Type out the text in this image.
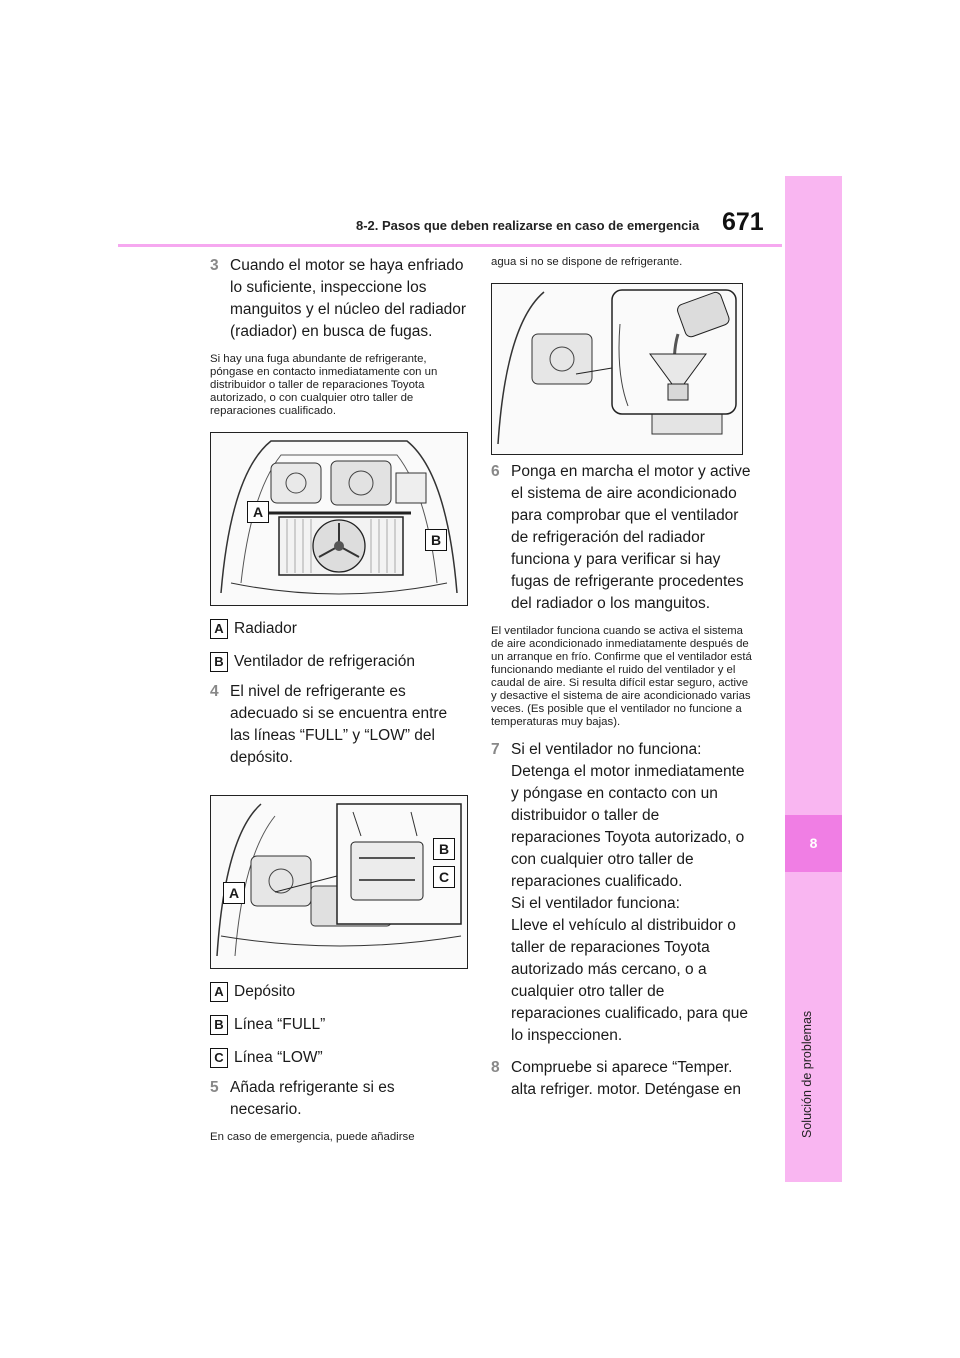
8-2. Pasos que deben realizarse en caso de emergencia 671
8
Solución de problemas
3 Cuando el motor se haya enfriado lo suficiente, inspeccione los manguitos y el núcleo del radiador (radiador) en busca de fugas.
Si hay una fuga abundante de refrigerante, póngase en contacto inmediatamente con un distribuidor o taller de reparaciones Toyota autorizado, o con cualquier otro taller de reparaciones cualificado.
A
B
A Radiador
B Ventilador de refrigeración
4 El nivel de refrigerante es adecuado si se encuentra entre las líneas “FULL” y “LOW” del depósito.
A
B
C
A Depósito
B Línea “FULL”
C Línea “LOW”
5 Añada refrigerante si es necesario.
En caso de emergencia, puede añadirse
agua si no se dispone de refrigerante.
6 Ponga en marcha el motor y active el sistema de aire acondicionado para comprobar que el ventilador de refrigeración del radiador funciona y para verificar si hay fugas de refrigerante procedentes del radiador o los manguitos.
El ventilador funciona cuando se activa el sistema de aire acondicionado inmediatamente después de un arranque en frío. Confirme que el ventilador está funcionando mediante el ruido del ventilador y el caudal de aire. Si resulta difícil estar seguro, active y desactive el sistema de aire acondicionado varias veces. (Es posible que el ventilador no funcione a temperaturas muy bajas).
7 Si el ventilador no funciona:
Detenga el motor inmediatamente y póngase en contacto con un distribuidor o taller de reparaciones Toyota autorizado, o con cualquier otro taller de reparaciones cualificado.
Si el ventilador funciona:
Lleve el vehículo al distribuidor o taller de reparaciones Toyota autorizado más cercano, o a cualquier otro taller de reparaciones cualificado, para que lo inspeccionen.
8 Compruebe si aparece “Temper. alta refriger. motor. Deténgase en
